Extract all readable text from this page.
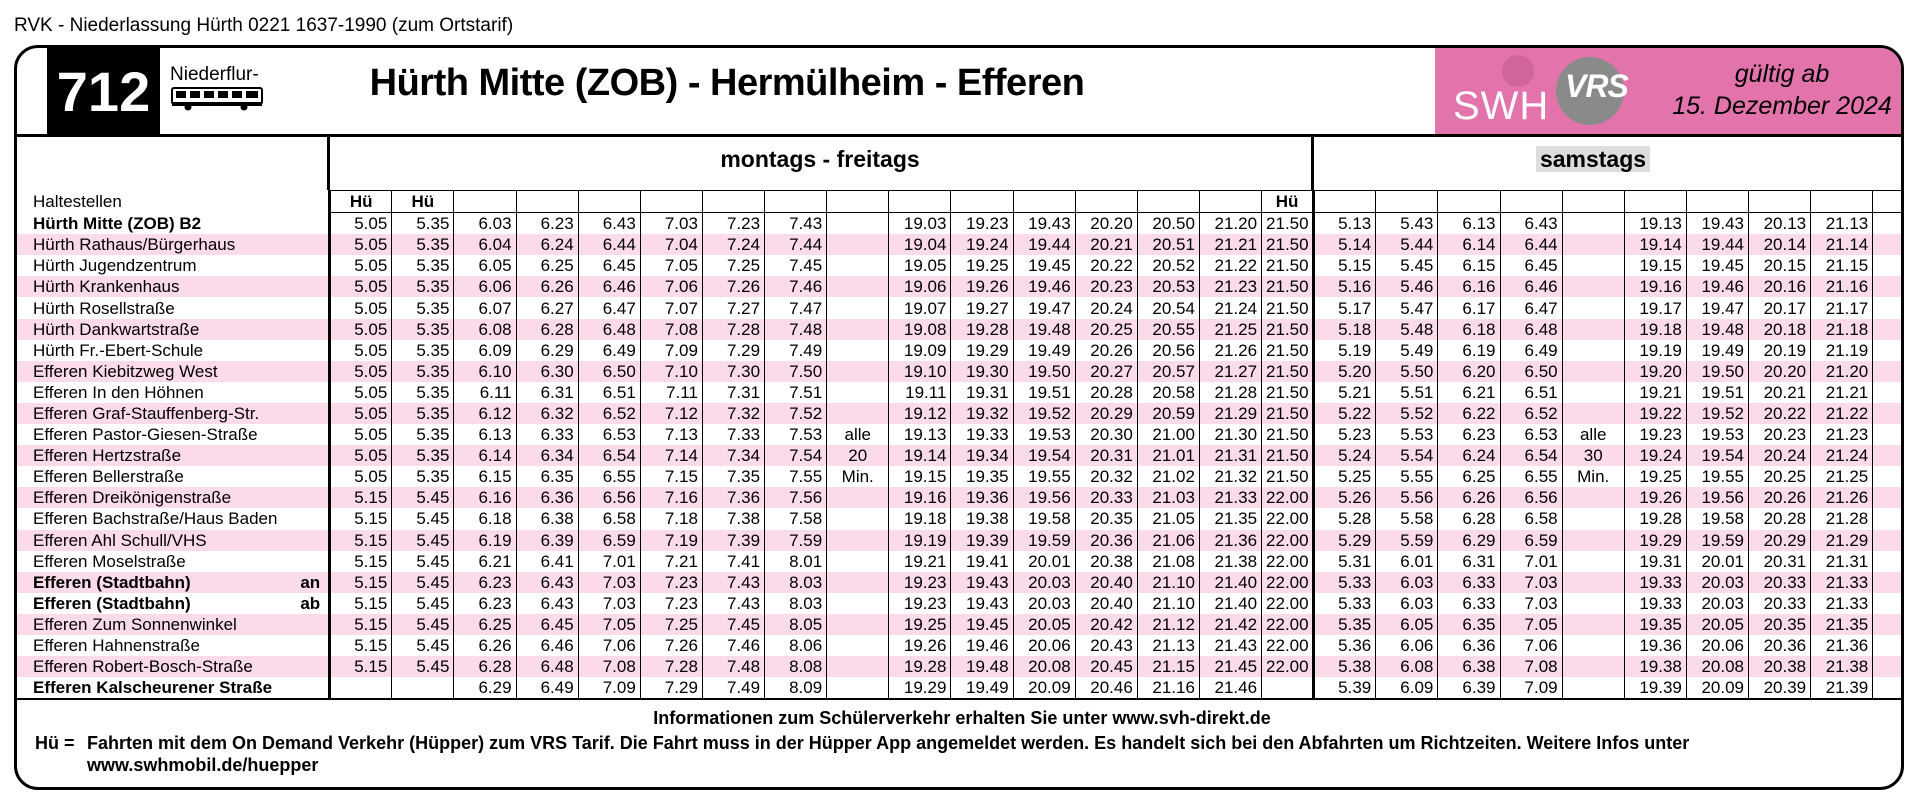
RVK - Niederlassung Hürth 0221 1637-1990 (zum Ortstarif)
712	Niederflur-	Hürth Mitte (ZOB) - Hermülheim - Efferen
SWH VRS	gültig ab
15. Dezember 2024
montags - freitags	samstags
Haltestellen	Hü	Hü														Hü										
Hürth Mitte (ZOB) B2	5.05	5.35	6.03	6.23	6.43	7.03	7.23	7.43		19.03	19.23	19.43	20.20	20.50	21.20	21.50	5.13	5.43	6.13	6.43		19.13	19.43	20.13	21.13	
Hürth Rathaus/Bürgerhaus	5.05	5.35	6.04	6.24	6.44	7.04	7.24	7.44		19.04	19.24	19.44	20.21	20.51	21.21	21.50	5.14	5.44	6.14	6.44		19.14	19.44	20.14	21.14	
Hürth Jugendzentrum	5.05	5.35	6.05	6.25	6.45	7.05	7.25	7.45		19.05	19.25	19.45	20.22	20.52	21.22	21.50	5.15	5.45	6.15	6.45		19.15	19.45	20.15	21.15	
Hürth Krankenhaus	5.05	5.35	6.06	6.26	6.46	7.06	7.26	7.46		19.06	19.26	19.46	20.23	20.53	21.23	21.50	5.16	5.46	6.16	6.46		19.16	19.46	20.16	21.16	
Hürth Rosellstraße	5.05	5.35	6.07	6.27	6.47	7.07	7.27	7.47		19.07	19.27	19.47	20.24	20.54	21.24	21.50	5.17	5.47	6.17	6.47		19.17	19.47	20.17	21.17	
Hürth Dankwartstraße	5.05	5.35	6.08	6.28	6.48	7.08	7.28	7.48		19.08	19.28	19.48	20.25	20.55	21.25	21.50	5.18	5.48	6.18	6.48		19.18	19.48	20.18	21.18	
Hürth Fr.-Ebert-Schule	5.05	5.35	6.09	6.29	6.49	7.09	7.29	7.49		19.09	19.29	19.49	20.26	20.56	21.26	21.50	5.19	5.49	6.19	6.49		19.19	19.49	20.19	21.19	
Efferen Kiebitzweg West	5.05	5.35	6.10	6.30	6.50	7.10	7.30	7.50		19.10	19.30	19.50	20.27	20.57	21.27	21.50	5.20	5.50	6.20	6.50		19.20	19.50	20.20	21.20	
Efferen In den Höhnen	5.05	5.35	6.11	6.31	6.51	7.11	7.31	7.51		19.11	19.31	19.51	20.28	20.58	21.28	21.50	5.21	5.51	6.21	6.51		19.21	19.51	20.21	21.21	
Efferen Graf-Stauffenberg-Str.	5.05	5.35	6.12	6.32	6.52	7.12	7.32	7.52		19.12	19.32	19.52	20.29	20.59	21.29	21.50	5.22	5.52	6.22	6.52		19.22	19.52	20.22	21.22	
Efferen Pastor-Giesen-Straße	5.05	5.35	6.13	6.33	6.53	7.13	7.33	7.53	alle	19.13	19.33	19.53	20.30	21.00	21.30	21.50	5.23	5.53	6.23	6.53	alle	19.23	19.53	20.23	21.23	
Efferen Hertzstraße	5.05	5.35	6.14	6.34	6.54	7.14	7.34	7.54	20	19.14	19.34	19.54	20.31	21.01	21.31	21.50	5.24	5.54	6.24	6.54	30	19.24	19.54	20.24	21.24	
Efferen Bellerstraße	5.05	5.35	6.15	6.35	6.55	7.15	7.35	7.55	Min.	19.15	19.35	19.55	20.32	21.02	21.32	21.50	5.25	5.55	6.25	6.55	Min.	19.25	19.55	20.25	21.25	
Efferen Dreikönigenstraße	5.15	5.45	6.16	6.36	6.56	7.16	7.36	7.56		19.16	19.36	19.56	20.33	21.03	21.33	22.00	5.26	5.56	6.26	6.56		19.26	19.56	20.26	21.26	
Efferen Bachstraße/Haus Baden	5.15	5.45	6.18	6.38	6.58	7.18	7.38	7.58		19.18	19.38	19.58	20.35	21.05	21.35	22.00	5.28	5.58	6.28	6.58		19.28	19.58	20.28	21.28	
Efferen Ahl Schull/VHS	5.15	5.45	6.19	6.39	6.59	7.19	7.39	7.59		19.19	19.39	19.59	20.36	21.06	21.36	22.00	5.29	5.59	6.29	6.59		19.29	19.59	20.29	21.29	
Efferen Moselstraße	5.15	5.45	6.21	6.41	7.01	7.21	7.41	8.01		19.21	19.41	20.01	20.38	21.08	21.38	22.00	5.31	6.01	6.31	7.01		19.31	20.01	20.31	21.31	
Efferen (Stadtbahn) an	5.15	5.45	6.23	6.43	7.03	7.23	7.43	8.03		19.23	19.43	20.03	20.40	21.10	21.40	22.00	5.33	6.03	6.33	7.03		19.33	20.03	20.33	21.33	
Efferen (Stadtbahn) ab	5.15	5.45	6.23	6.43	7.03	7.23	7.43	8.03		19.23	19.43	20.03	20.40	21.10	21.40	22.00	5.33	6.03	6.33	7.03		19.33	20.03	20.33	21.33	
Efferen Zum Sonnenwinkel	5.15	5.45	6.25	6.45	7.05	7.25	7.45	8.05		19.25	19.45	20.05	20.42	21.12	21.42	22.00	5.35	6.05	6.35	7.05		19.35	20.05	20.35	21.35	
Efferen Hahnenstraße	5.15	5.45	6.26	6.46	7.06	7.26	7.46	8.06		19.26	19.46	20.06	20.43	21.13	21.43	22.00	5.36	6.06	6.36	7.06		19.36	20.06	20.36	21.36	
Efferen Robert-Bosch-Straße	5.15	5.45	6.28	6.48	7.08	7.28	7.48	8.08		19.28	19.48	20.08	20.45	21.15	21.45	22.00	5.38	6.08	6.38	7.08		19.38	20.08	20.38	21.38	
Efferen Kalscheurener Straße			6.29	6.49	7.09	7.29	7.49	8.09		19.29	19.49	20.09	20.46	21.16	21.46		5.39	6.09	6.39	7.09		19.39	20.09	20.39	21.39	
Informationen zum Schülerverkehr erhalten Sie unter www.svh-direkt.de
Hü = Fahrten mit dem On Demand Verkehr (Hüpper) zum VRS Tarif. Die Fahrt muss in der Hüpper App angemeldet werden. Es handelt sich bei den Abfahrten um Richtzeiten. Weitere Infos unter
www.swhmobil.de/huepper
